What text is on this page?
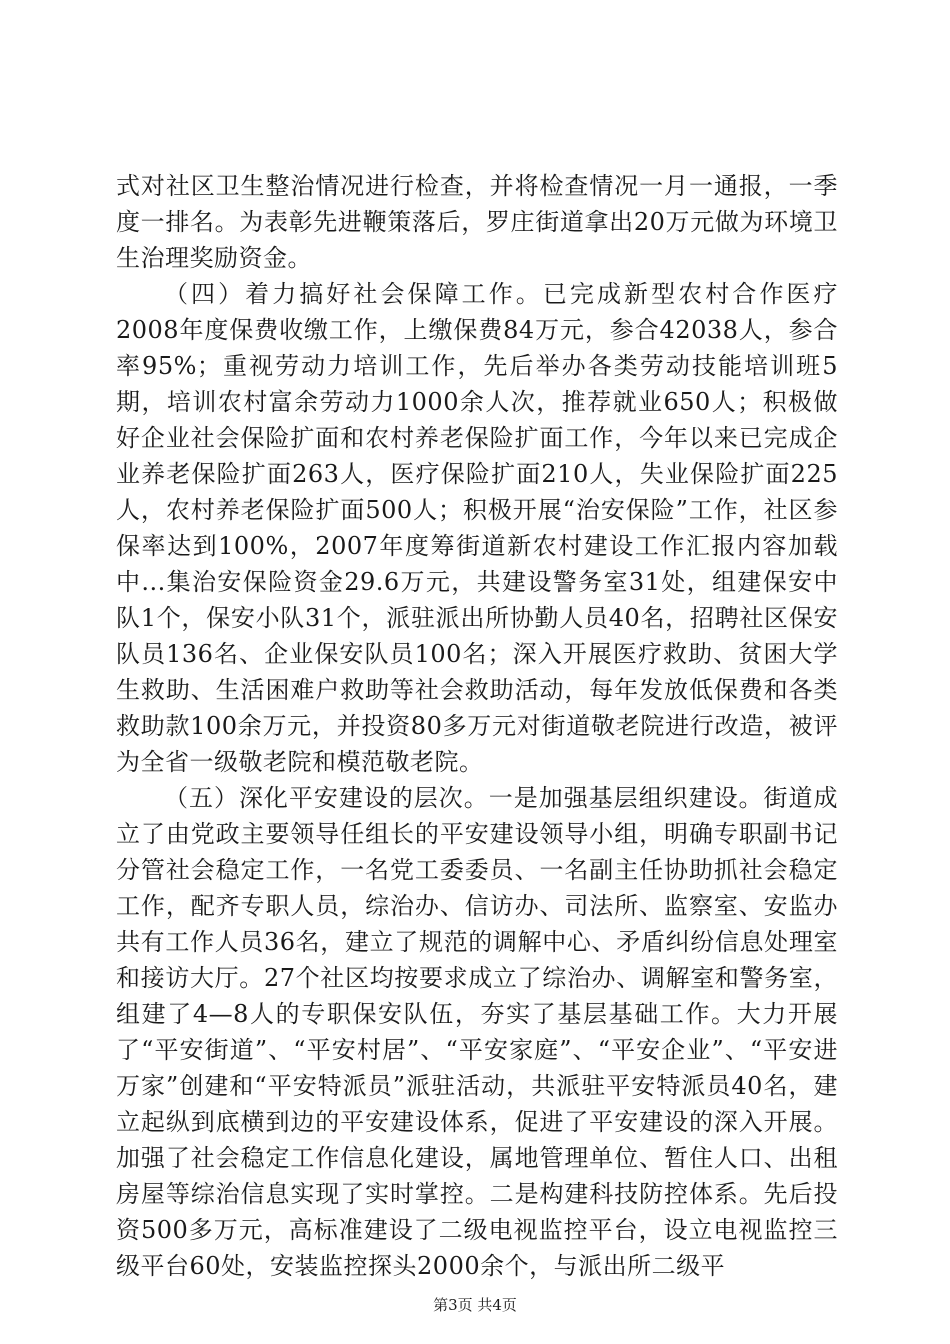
式对社区卫生整治情况进行检查，并将检查情况一月一通报，一季度一排名。为表彰先进鞭策落后，罗庄街道拿出20万元做为环境卫生治理奖励资金。

（四）着力搞好社会保障工作。已完成新型农村合作医疗2008年度保费收缴工作，上缴保费84万元，参合42038人，参合率95%；重视劳动力培训工作，先后举办各类劳动技能培训班5期，培训农村富余劳动力1000余人次，推荐就业650人；积极做好企业社会保险扩面和农村养老保险扩面工作，今年以来已完成企业养老保险扩面263人，医疗保险扩面210人，失业保险扩面225人，农村养老保险扩面500人；积极开展“治安保险”工作，社区参保率达到100%，2007年度筹街道新农村建设工作汇报内容加载中...集治安保险资金29.6万元，共建设警务室31处，组建保安中队1个，保安小队31个，派驻派出所协勤人员40名，招聘社区保安队员136名、企业保安队员100名；深入开展医疗救助、贫困大学生救助、生活困难户救助等社会救助活动，每年发放低保费和各类救助款100余万元，并投资80多万元对街道敬老院进行改造，被评为全省一级敬老院和模范敬老院。

（五）深化平安建设的层次。一是加强基层组织建设。街道成立了由党政主要领导任组长的平安建设领导小组，明确专职副书记分管社会稳定工作，一名党工委委员、一名副主任协助抓社会稳定工作，配齐专职人员，综治办、信访办、司法所、监察室、安监办共有工作人员36名，建立了规范的调解中心、矛盾纠纷信息处理室和接访大厅。27个社区均按要求成立了综治办、调解室和警务室，组建了4—8人的专职保安队伍，夯实了基层基础工作。大力开展了“平安街道”、“平安村居”、“平安家庭”、“平安企业”、“平安进万家”创建和“平安特派员”派驻活动，共派驻平安特派员40名，建立起纵到底横到边的平安建设体系，促进了平安建设的深入开展。加强了社会稳定工作信息化建设，属地管理单位、暂住人口、出租房屋等综治信息实现了实时掌控。二是构建科技防控体系。先后投资500多万元，高标准建设了二级电视监控平台，设立电视监控三级平台60处，安装监控探头2000余个，与派出所二级平

第3页 共4页
